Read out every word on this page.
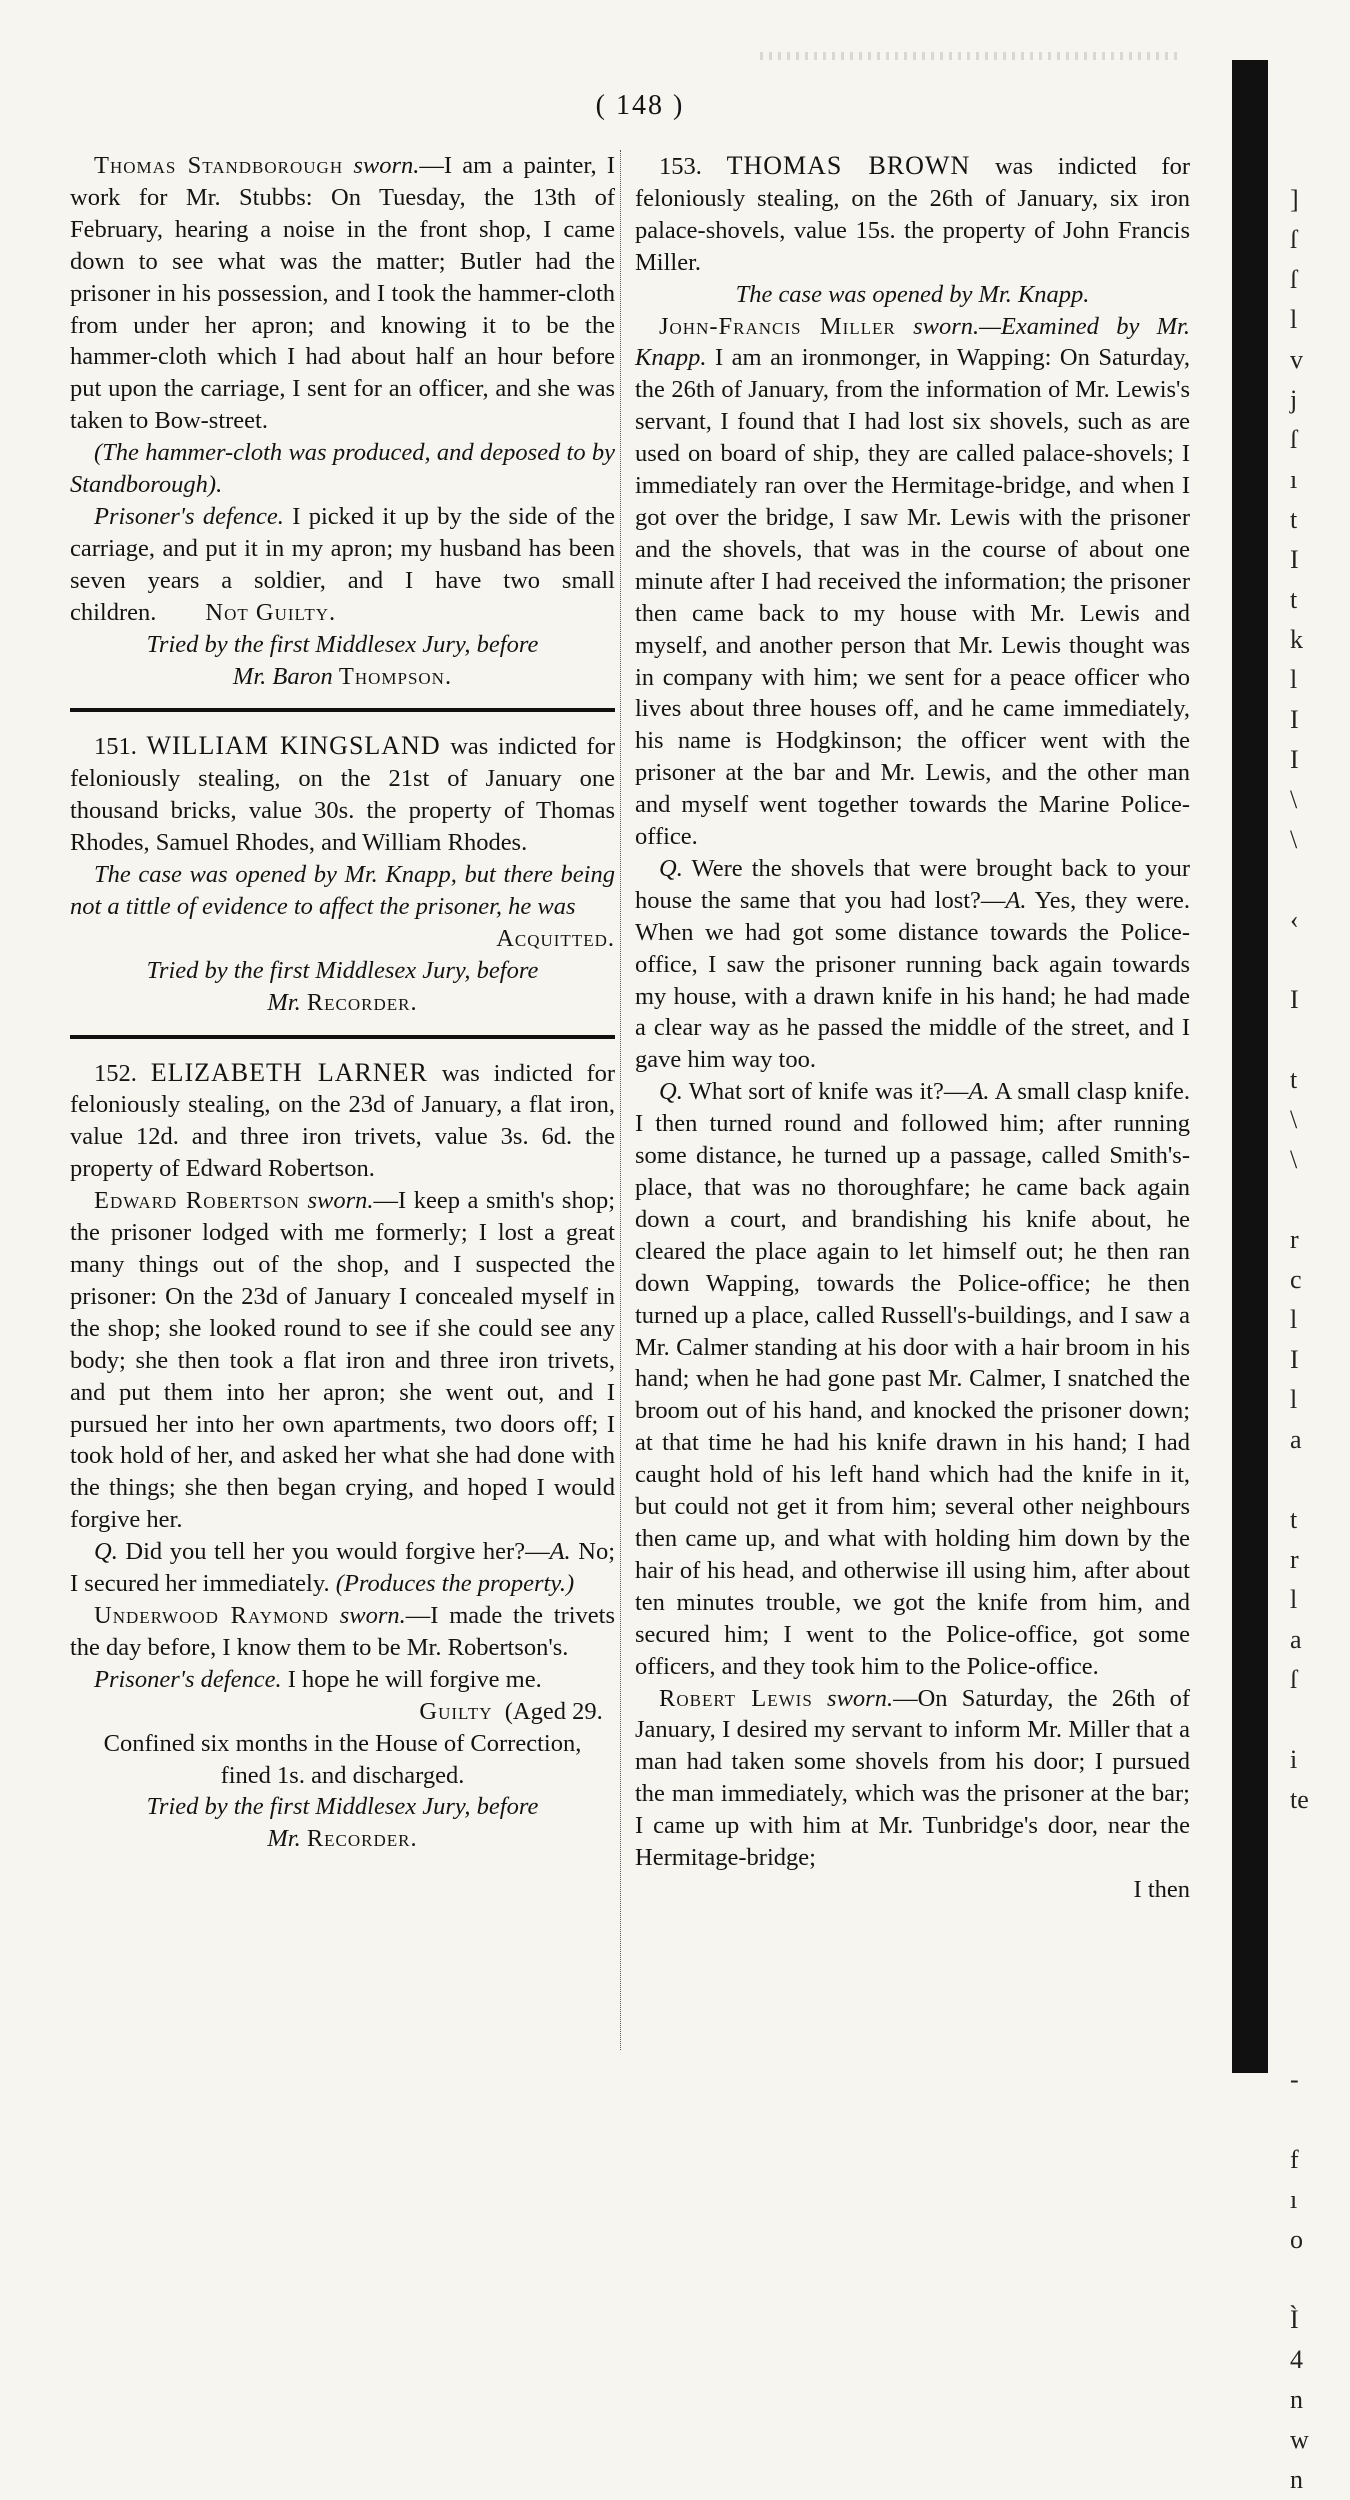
( 148 )

Thomas Standborough sworn.—I am a painter, I work for Mr. Stubbs: On Tuesday, the 13th of February, hearing a noise in the front shop, I came down to see what was the matter; Butler had the prisoner in his possession, and I took the hammer-cloth from under her apron; and knowing it to be the hammer-cloth which I had about half an hour before put upon the carriage, I sent for an officer, and she was taken to Bow-street.

(The hammer-cloth was produced, and deposed to by Standborough).

Prisoner's defence. I picked it up by the side of the carriage, and put it in my apron; my husband has been seven years a soldier, and I have two small children. Not Guilty.

Tried by the first Middlesex Jury, before

Mr. Baron Thompson.

151. WILLIAM KINGSLAND was indicted for feloniously stealing, on the 21st of January one thousand bricks, value 30s. the property of Thomas Rhodes, Samuel Rhodes, and William Rhodes.

The case was opened by Mr. Knapp, but there being not a tittle of evidence to affect the prisoner, he was

Acquitted.

Tried by the first Middlesex Jury, before

Mr. Recorder.

152. ELIZABETH LARNER was indicted for feloniously stealing, on the 23d of January, a flat iron, value 12d. and three iron trivets, value 3s. 6d. the property of Edward Robertson.

Edward Robertson sworn.—I keep a smith's shop; the prisoner lodged with me formerly; I lost a great many things out of the shop, and I suspected the prisoner: On the 23d of January I concealed myself in the shop; she looked round to see if she could see any body; she then took a flat iron and three iron trivets, and put them into her apron; she went out, and I pursued her into her own apartments, two doors off; I took hold of her, and asked her what she had done with the things; she then began crying, and hoped I would forgive her.

Q. Did you tell her you would forgive her?—A. No; I secured her immediately. (Produces the property.)

Underwood Raymond sworn.—I made the trivets the day before, I know them to be Mr. Robertson's.

Prisoner's defence. I hope he will forgive me.

Guilty (Aged 29.

Confined six months in the House of Correction,

fined 1s. and discharged.

Tried by the first Middlesex Jury, before

Mr. Recorder.

153. THOMAS BROWN was indicted for feloniously stealing, on the 26th of January, six iron palace-shovels, value 15s. the property of John Francis Miller.

The case was opened by Mr. Knapp.

John-Francis Miller sworn.—Examined by Mr. Knapp. I am an ironmonger, in Wapping: On Saturday, the 26th of January, from the information of Mr. Lewis's servant, I found that I had lost six shovels, such as are used on board of ship, they are called palace-shovels; I immediately ran over the Hermitage-bridge, and when I got over the bridge, I saw Mr. Lewis with the prisoner and the shovels, that was in the course of about one minute after I had received the information; the prisoner then came back to my house with Mr. Lewis and myself, and another person that Mr. Lewis thought was in company with him; we sent for a peace officer who lives about three houses off, and he came immediately, his name is Hodgkinson; the officer went with the prisoner at the bar and Mr. Lewis, and the other man and myself went together towards the Marine Police-office.

Q. Were the shovels that were brought back to your house the same that you had lost?—A. Yes, they were. When we had got some distance towards the Police-office, I saw the prisoner running back again towards my house, with a drawn knife in his hand; he had made a clear way as he passed the middle of the street, and I gave him way too.

Q. What sort of knife was it?—A. A small clasp knife. I then turned round and followed him; after running some distance, he turned up a passage, called Smith's-place, that was no thoroughfare; he came back again down a court, and brandishing his knife about, he cleared the place again to let himself out; he then ran down Wapping, towards the Police-office; he then turned up a place, called Russell's-buildings, and I saw a Mr. Calmer standing at his door with a hair broom in his hand; when he had gone past Mr. Calmer, I snatched the broom out of his hand, and knocked the prisoner down; at that time he had his knife drawn in his hand; I had caught hold of his left hand which had the knife in it, but could not get it from him; several other neighbours then came up, and what with holding him down by the hair of his head, and otherwise ill using him, after about ten minutes trouble, we got the knife from him, and secured him; I went to the Police-office, got some officers, and they took him to the Police-office.

Robert Lewis sworn.—On Saturday, the 26th of January, I desired my servant to inform Mr. Miller that a man had taken some shovels from his door; I pursued the man immediately, which was the prisoner at the bar; I came up with him at Mr. Tunbridge's door, near the Hermitage-bridge;

I then

]
ſ
ſ
l
v
j
ſ
ı
t
I
t
k
l
I
I
\
\
‹
I
t
\
\
r
c
l
I
l
a
t
r
l
a
ſ
i
te
-
f
ı
o
Ì
4
n
w
n
